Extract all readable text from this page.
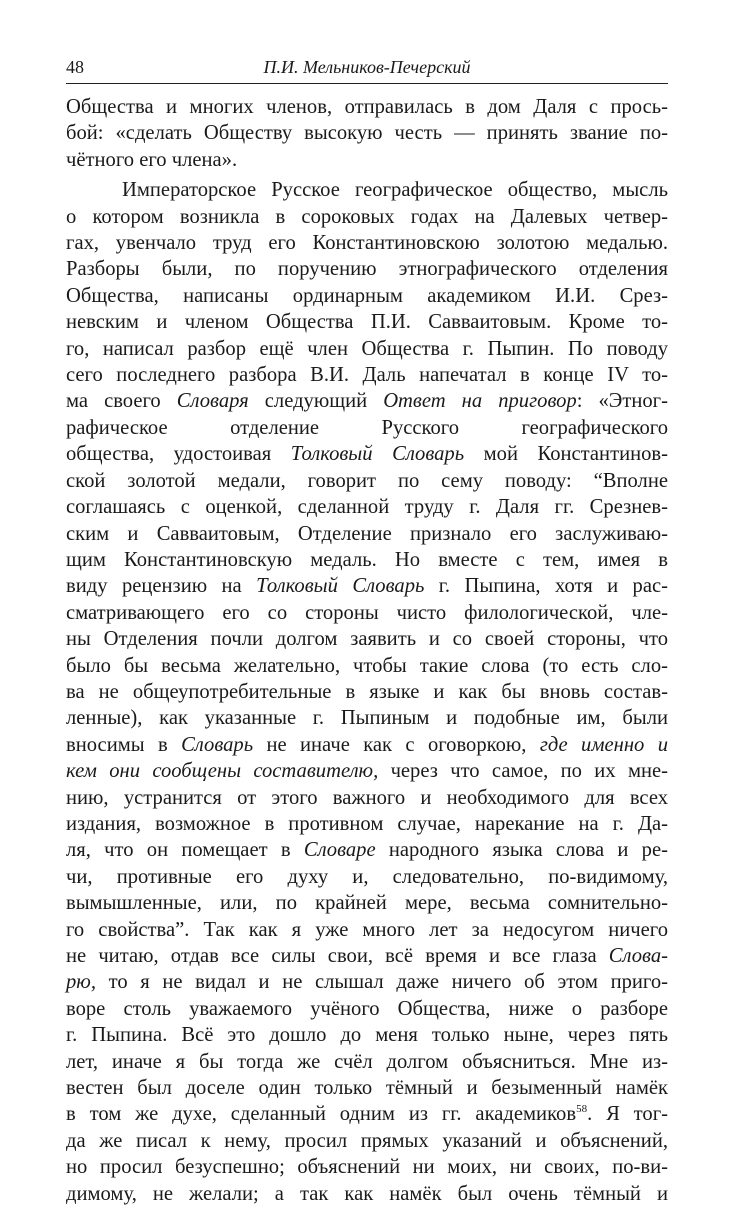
48	П.И. Мельников-Печерский
Общества и многих членов, отправилась в дом Даля с прось-
бой: «сделать Обществу высокую честь — принять звание по-
чётного его члена».
Императорское Русское географическое общество, мысль
о котором возникла в сороковых годах на Далевых четвер-
гах, увенчало труд его Константиновскою золотою медалью.
Разборы были, по поручению этнографического отделения
Общества, написаны ординарным академиком И.И. Срез-
невским и членом Общества П.И. Савваитовым. Кроме то-
го, написал разбор ещё член Общества г. Пыпин. По поводу
сего последнего разбора В.И. Даль напечатал в конце IV то-
ма своего Словаря следующий Ответ на приговор: «Этног-
рафическое отделение Русского географического
общества, удостоивая Толковый Словарь мой Константинов-
ской золотой медали, говорит по сему поводу: “Вполне
соглашаясь с оценкой, сделанной труду г. Даля гг. Срезнев-
ским и Савваитовым, Отделение признало его заслуживаю-
щим Константиновскую медаль. Но вместе с тем, имея в
виду рецензию на Толковый Словарь г. Пыпина, хотя и рас-
сматривающего его со стороны чисто филологической, чле-
ны Отделения почли долгом заявить и со своей стороны, что
было бы весьма желательно, чтобы такие слова (то есть сло-
ва не общеупотребительные в языке и как бы вновь состав-
ленные), как указанные г. Пыпиным и подобные им, были
вносимы в Словарь не иначе как с оговоркою, где именно и
кем они сообщены составителю, через что самое, по их мне-
нию, устранится от этого важного и необходимого для всех
издания, возможное в противном случае, нарекание на г. Да-
ля, что он помещает в Словаре народного языка слова и ре-
чи, противные его духу и, следовательно, по-видимому,
вымышленные, или, по крайней мере, весьма сомнительно-
го свойства”. Так как я уже много лет за недосугом ничего
не читаю, отдав все силы свои, всё время и все глаза Слова-
рю, то я не видал и не слышал даже ничего об этом приго-
воре столь уважаемого учёного Общества, ниже о разборе
г. Пыпина. Всё это дошло до меня только ныне, через пять
лет, иначе я бы тогда же счёл долгом объясниться. Мне из-
вестен был доселе один только тёмный и безыменный намёк
в том же духе, сделанный одним из гг. академиков$^{58}$. Я тог-
да же писал к нему, просил прямых указаний и объяснений,
но просил безуспешно; объяснений ни моих, ни своих, по-ви-
димому, не желали; а так как намёк был очень тёмный и
